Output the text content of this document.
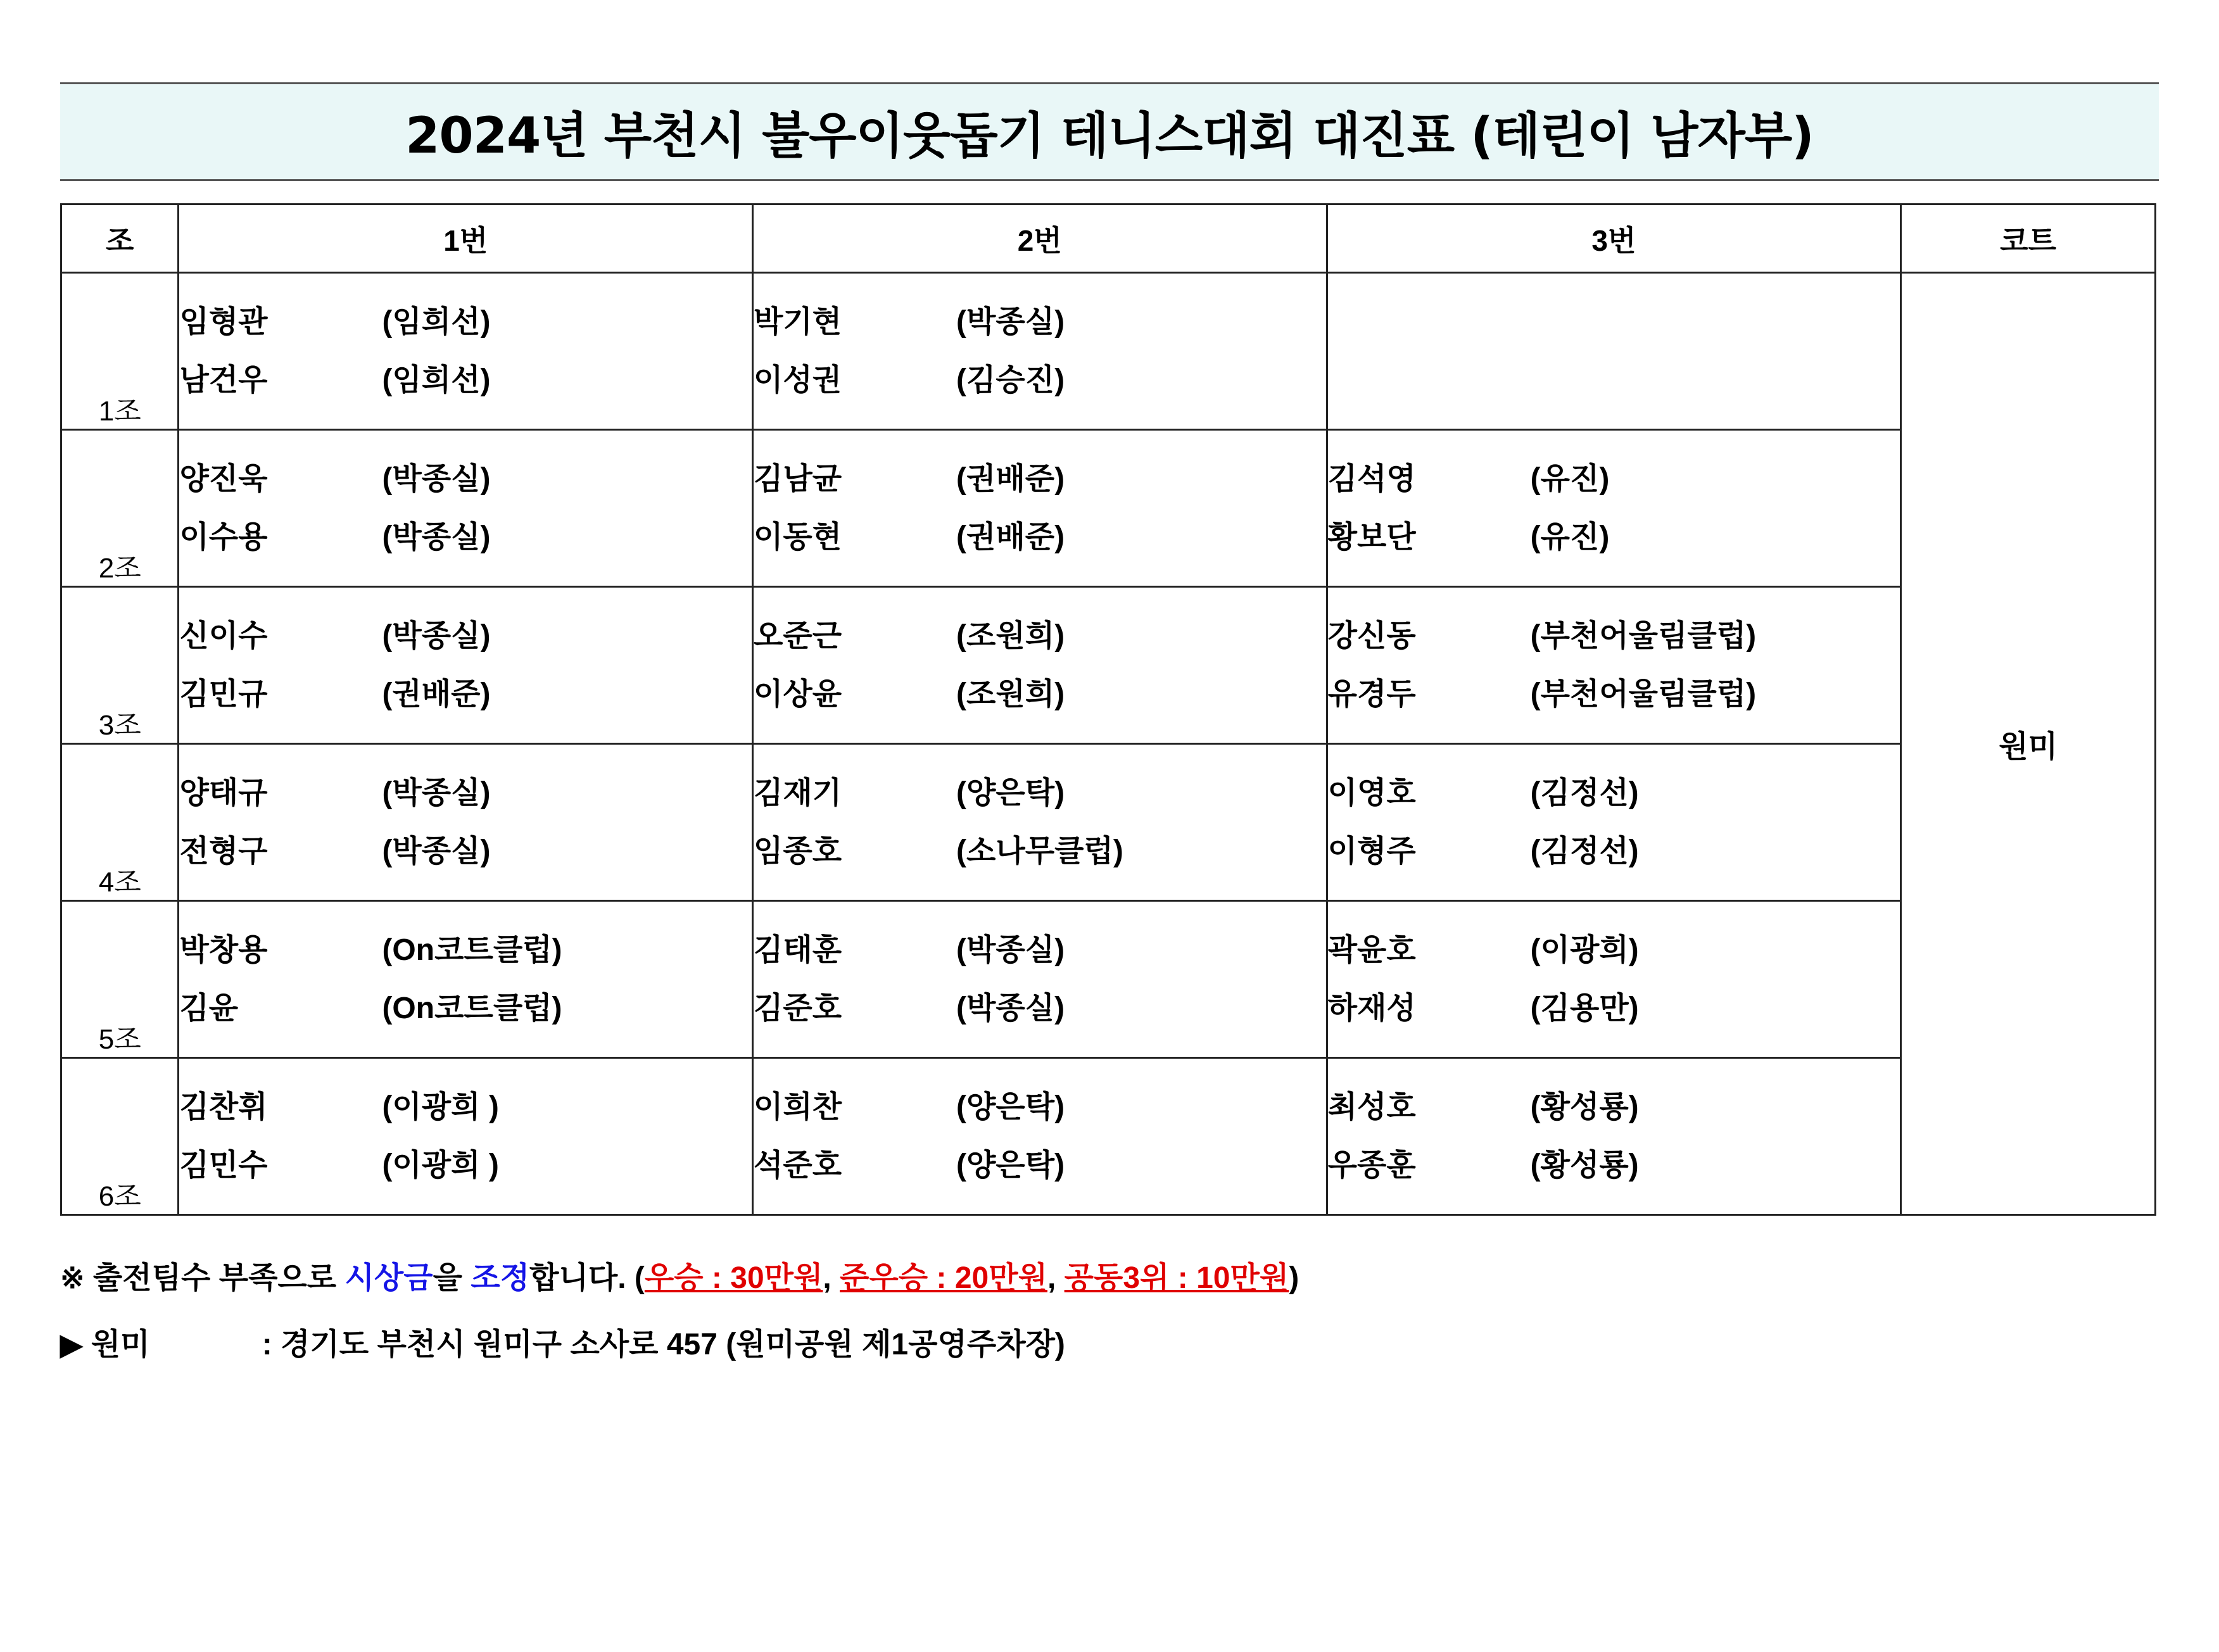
2024년 부천시 불우이웃돕기 테니스대회 대진표 (테린이 남자부)
조	1번	2번	3번	코트
1조	
임형관	(임희선)
남건우	(임희선)

박기현	(박종실)
이성권	(김승진)
		원미
2조	
양진욱	(박종실)
이수용	(박종실)

김남균	(권배준)
이동현	(권배준)

김석영	(유진)
황보단	(유진)

3조	
신이수	(박종실)
김민규	(권배준)

오준근	(조원희)
이상윤	(조원희)

강신동	(부천어울림클럽)
유경두	(부천어울림클럽)

4조	
양태규	(박종실)
전형구	(박종실)

김재기	(양은탁)
임종호	(소나무클럽)

이영호	(김정선)
이형주	(김정선)

5조	
박창용	(On코트클럽)
김윤	(On코트클럽)

김태훈	(박종실)
김준호	(박종실)

곽윤호	(이광희)
하재성	(김용만)

6조	
김찬휘	(이광희 )
김민수	(이광희 )

이희찬	(양은탁)
석준호	(양은탁)

최성호	(황성룡)
우종훈	(황성룡)
※ 출전팀수 부족으로 시상금을 조정합니다. (우승 : 30만원, 준우승 : 20만원, 공동3위 : 10만원)
▶ 원미	: 경기도 부천시 원미구 소사로 457 (원미공원 제1공영주차장)
